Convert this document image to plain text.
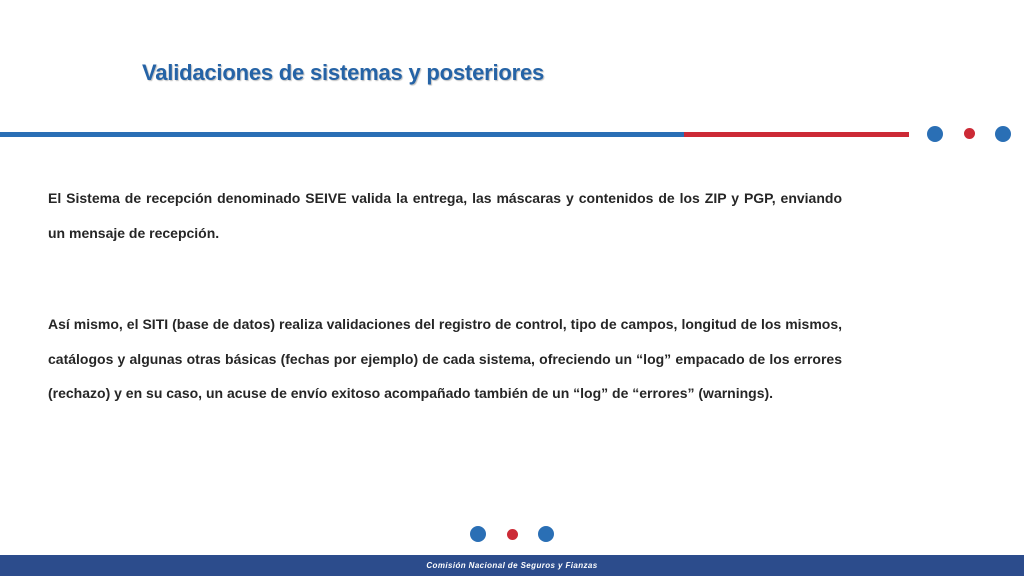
Validaciones de sistemas y posteriores

El Sistema de recepción denominado SEIVE valida la entrega, las máscaras y contenidos de los ZIP y PGP, enviando un mensaje de recepción.

Así mismo, el SITI (base de datos) realiza validaciones del registro de control, tipo de campos, longitud de los mismos, catálogos y algunas otras básicas (fechas por ejemplo) de cada sistema, ofreciendo un “log” empacado de los errores (rechazo) y en su caso, un acuse de envío exitoso acompañado también de un “log” de “errores” (warnings).

Comisión Nacional de Seguros y Fianzas
